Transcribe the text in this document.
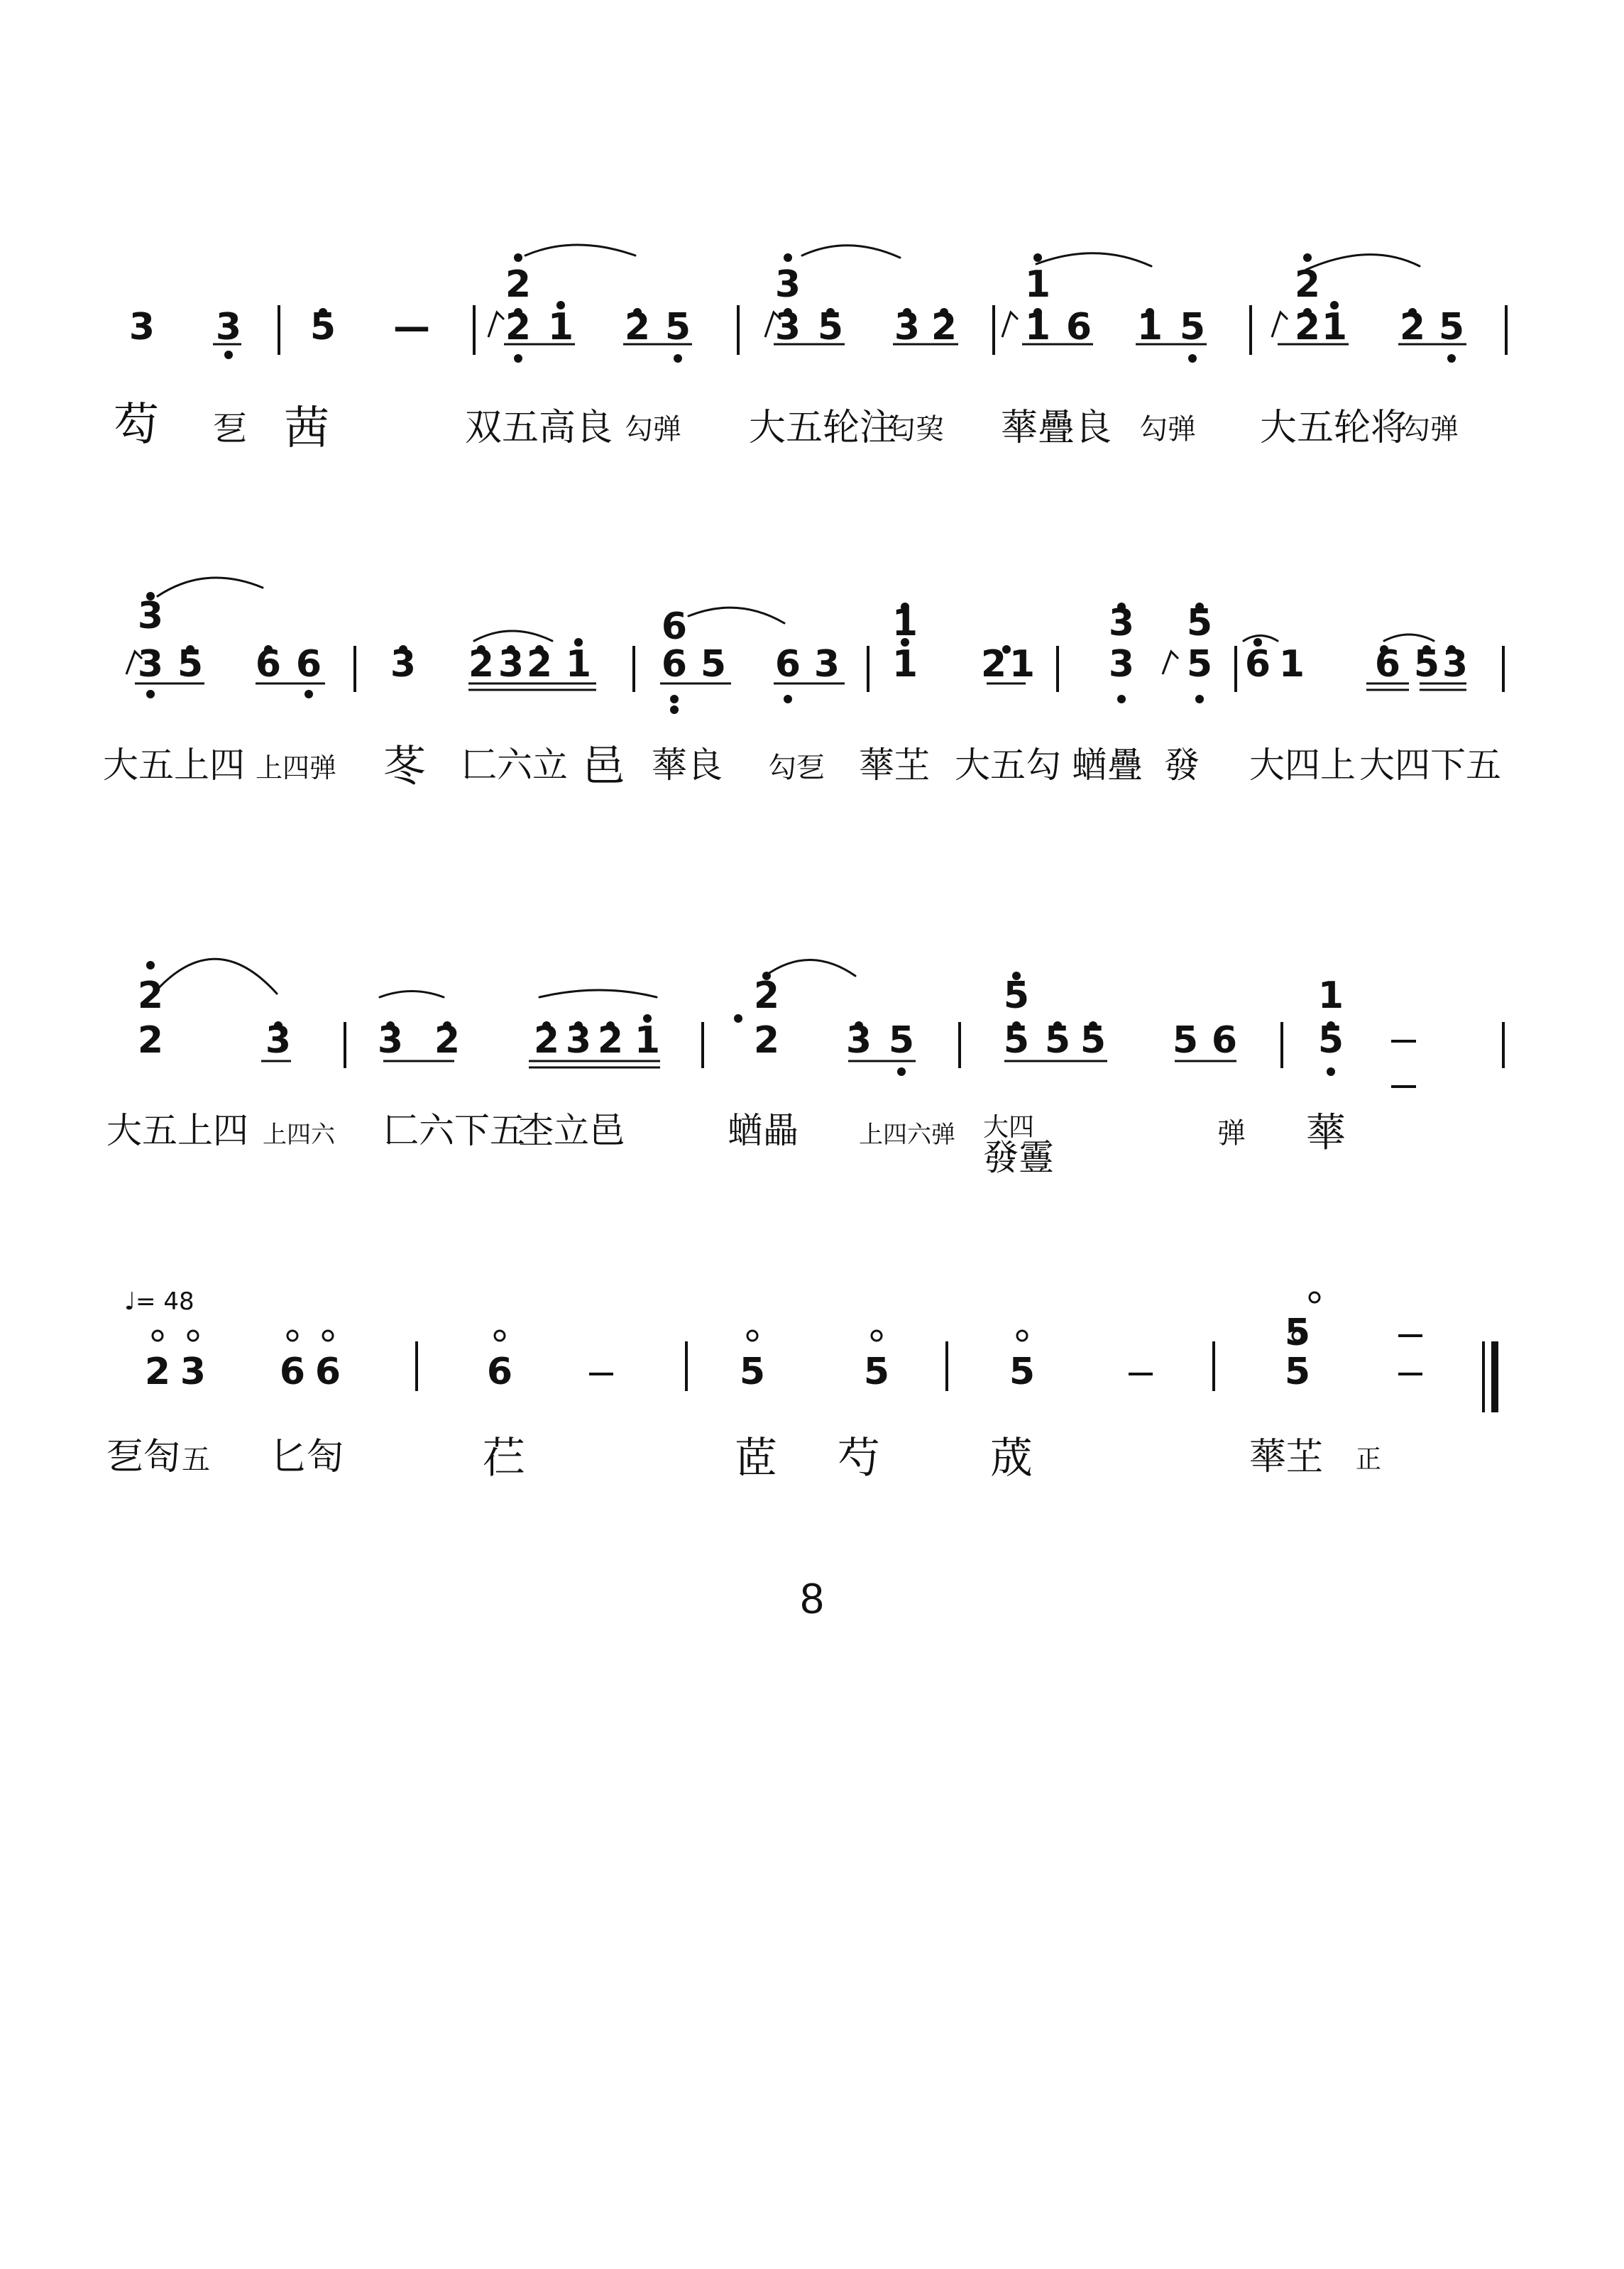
3 3 5 —
2
2 1 2 5
3
3 5 3 2
1
1 6 1 5
2
2 1 2 5
3
3 5 6 6 3 2 3 2 1
6
6 5 6 3
1
1 2 1
3
3
5
5 6 1 6 5 3
2
2	3 3 2 2 3 2 1
2
2 3 5
5
5 5 5 5 6
1
5
2 3 6 6	6	5	5	5
5
5
♩= 48
芶 乭 茜	双五高良 勾弹 大五轮注
匂巭 蕐疊良 勾弹 大五轮将
勾弹
大五上四 上四弹 苳 匚六立 邑 蕐良 勾乭 蕐芏 大五勾 蝤疊 發 大四上 大四下五
大五上四 上四六 匚六下五
杢立邑	蝤畾	上四六弹 大四
發霻
弹 蕐
乭匌 五 匕匌	芢	茝 芍	荿	蕐芏 正
8
